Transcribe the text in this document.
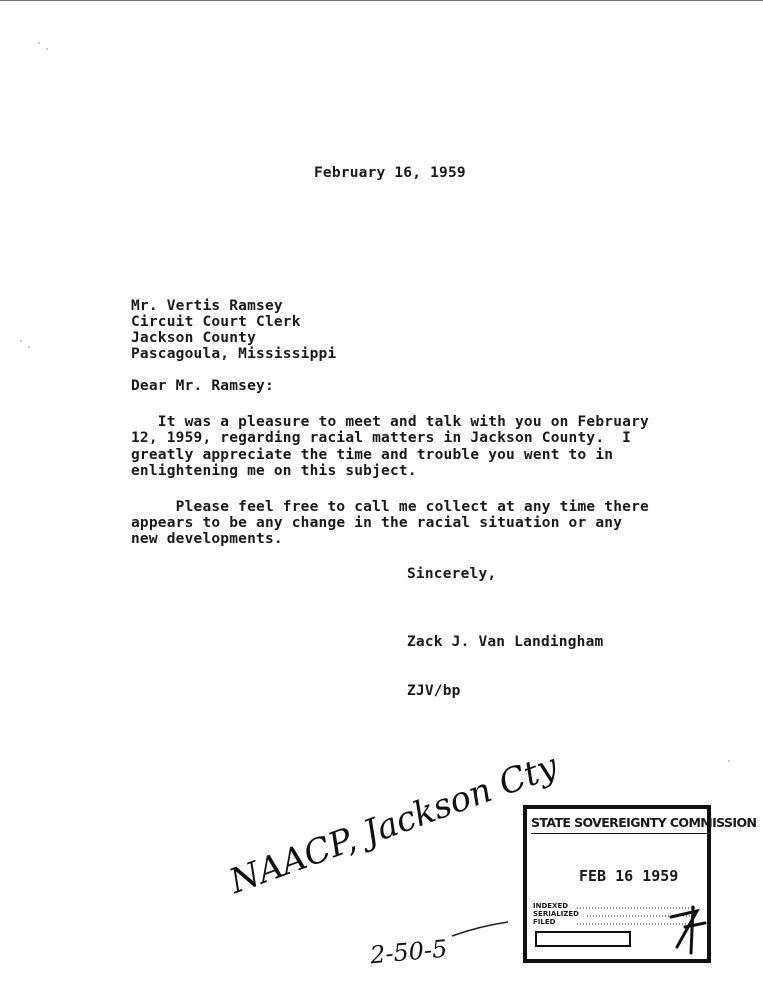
February 16, 1959
Mr. Vertis Ramsey
Circuit Court Clerk
Jackson County
Pascagoula, Mississippi
Dear Mr. Ramsey:
It was a pleasure to meet and talk with you on February
12, 1959, regarding racial matters in Jackson County.  I
greatly appreciate the time and trouble you went to in
enlightening me on this subject.
Please feel free to call me collect at any time there
appears to be any change in the racial situation or any
new developments.
Sincerely,
Zack J. Van Landingham
ZJV/bp
NAACP, Jackson Cty
2-50-5
STATE SOVEREIGNTY COMMISSION
FEB 16 1959
INDEXED
SERIALIZED
FILED
